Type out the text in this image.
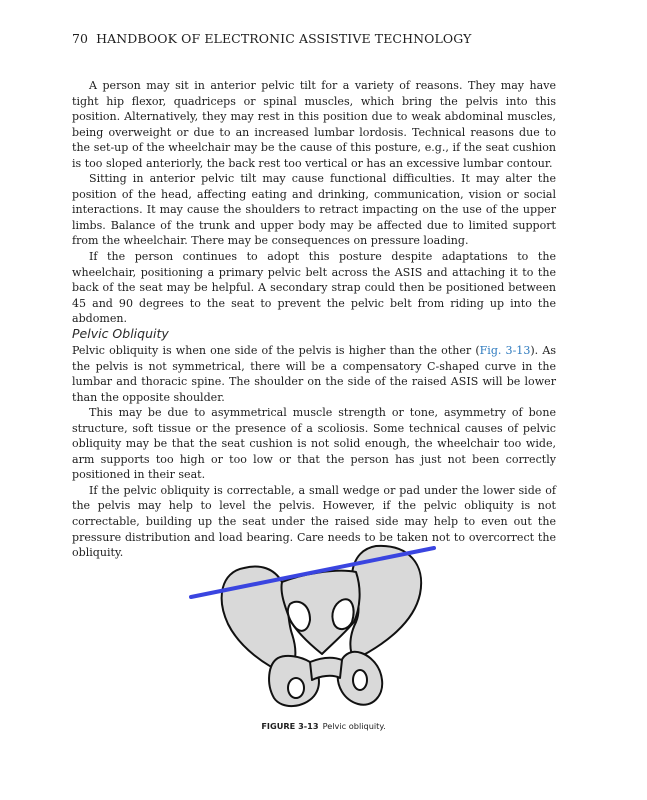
70 HANDBOOK OF ELECTRONIC ASSISTIVE TECHNOLOGY

A person may sit in anterior pelvic tilt for a variety of reasons. They may have tight hip flexor, quadriceps or spinal muscles, which bring the pelvis into this position. Alternatively, they may rest in this position due to weak abdominal muscles, being overweight or due to an increased lumbar lordosis. Technical reasons due to the set-up of the wheelchair may be the cause of this posture, e.g., if the seat cushion is too sloped anteriorly, the back rest too vertical or has an excessive lumbar contour.

Sitting in anterior pelvic tilt may cause functional difficulties. It may alter the position of the head, affecting eating and drinking, communication, vision or social interactions. It may cause the shoulders to retract impacting on the use of the upper limbs. Balance of the trunk and upper body may be affected due to limited support from the wheelchair. There may be consequences on pressure loading.

If the person continues to adopt this posture despite adaptations to the wheelchair, positioning a primary pelvic belt across the ASIS and attaching it to the back of the seat may be helpful. A secondary strap could then be positioned between 45 and 90 degrees to the seat to prevent the pelvic belt from riding up into the abdomen.

Pelvic Obliquity

Pelvic obliquity is when one side of the pelvis is higher than the other (Fig. 3-13). As the pelvis is not symmetrical, there will be a compensatory C-shaped curve in the lumbar and thoracic spine. The shoulder on the side of the raised ASIS will be lower than the opposite shoulder.

This may be due to asymmetrical muscle strength or tone, asymmetry of bone structure, soft tissue or the presence of a scoliosis. Some technical causes of pelvic obliquity may be that the seat cushion is not solid enough, the wheelchair too wide, arm supports too high or too low or that the person has just not been correctly positioned in their seat.

If the pelvic obliquity is correctable, a small wedge or pad under the lower side of the pelvis may help to level the pelvis. However, if the pelvic obliquity is not correctable, building up the seat under the raised side may help to even out the pressure distribution and load bearing. Care needs to be taken not to overcorrect the obliquity.

FIGURE 3-13 Pelvic obliquity.
